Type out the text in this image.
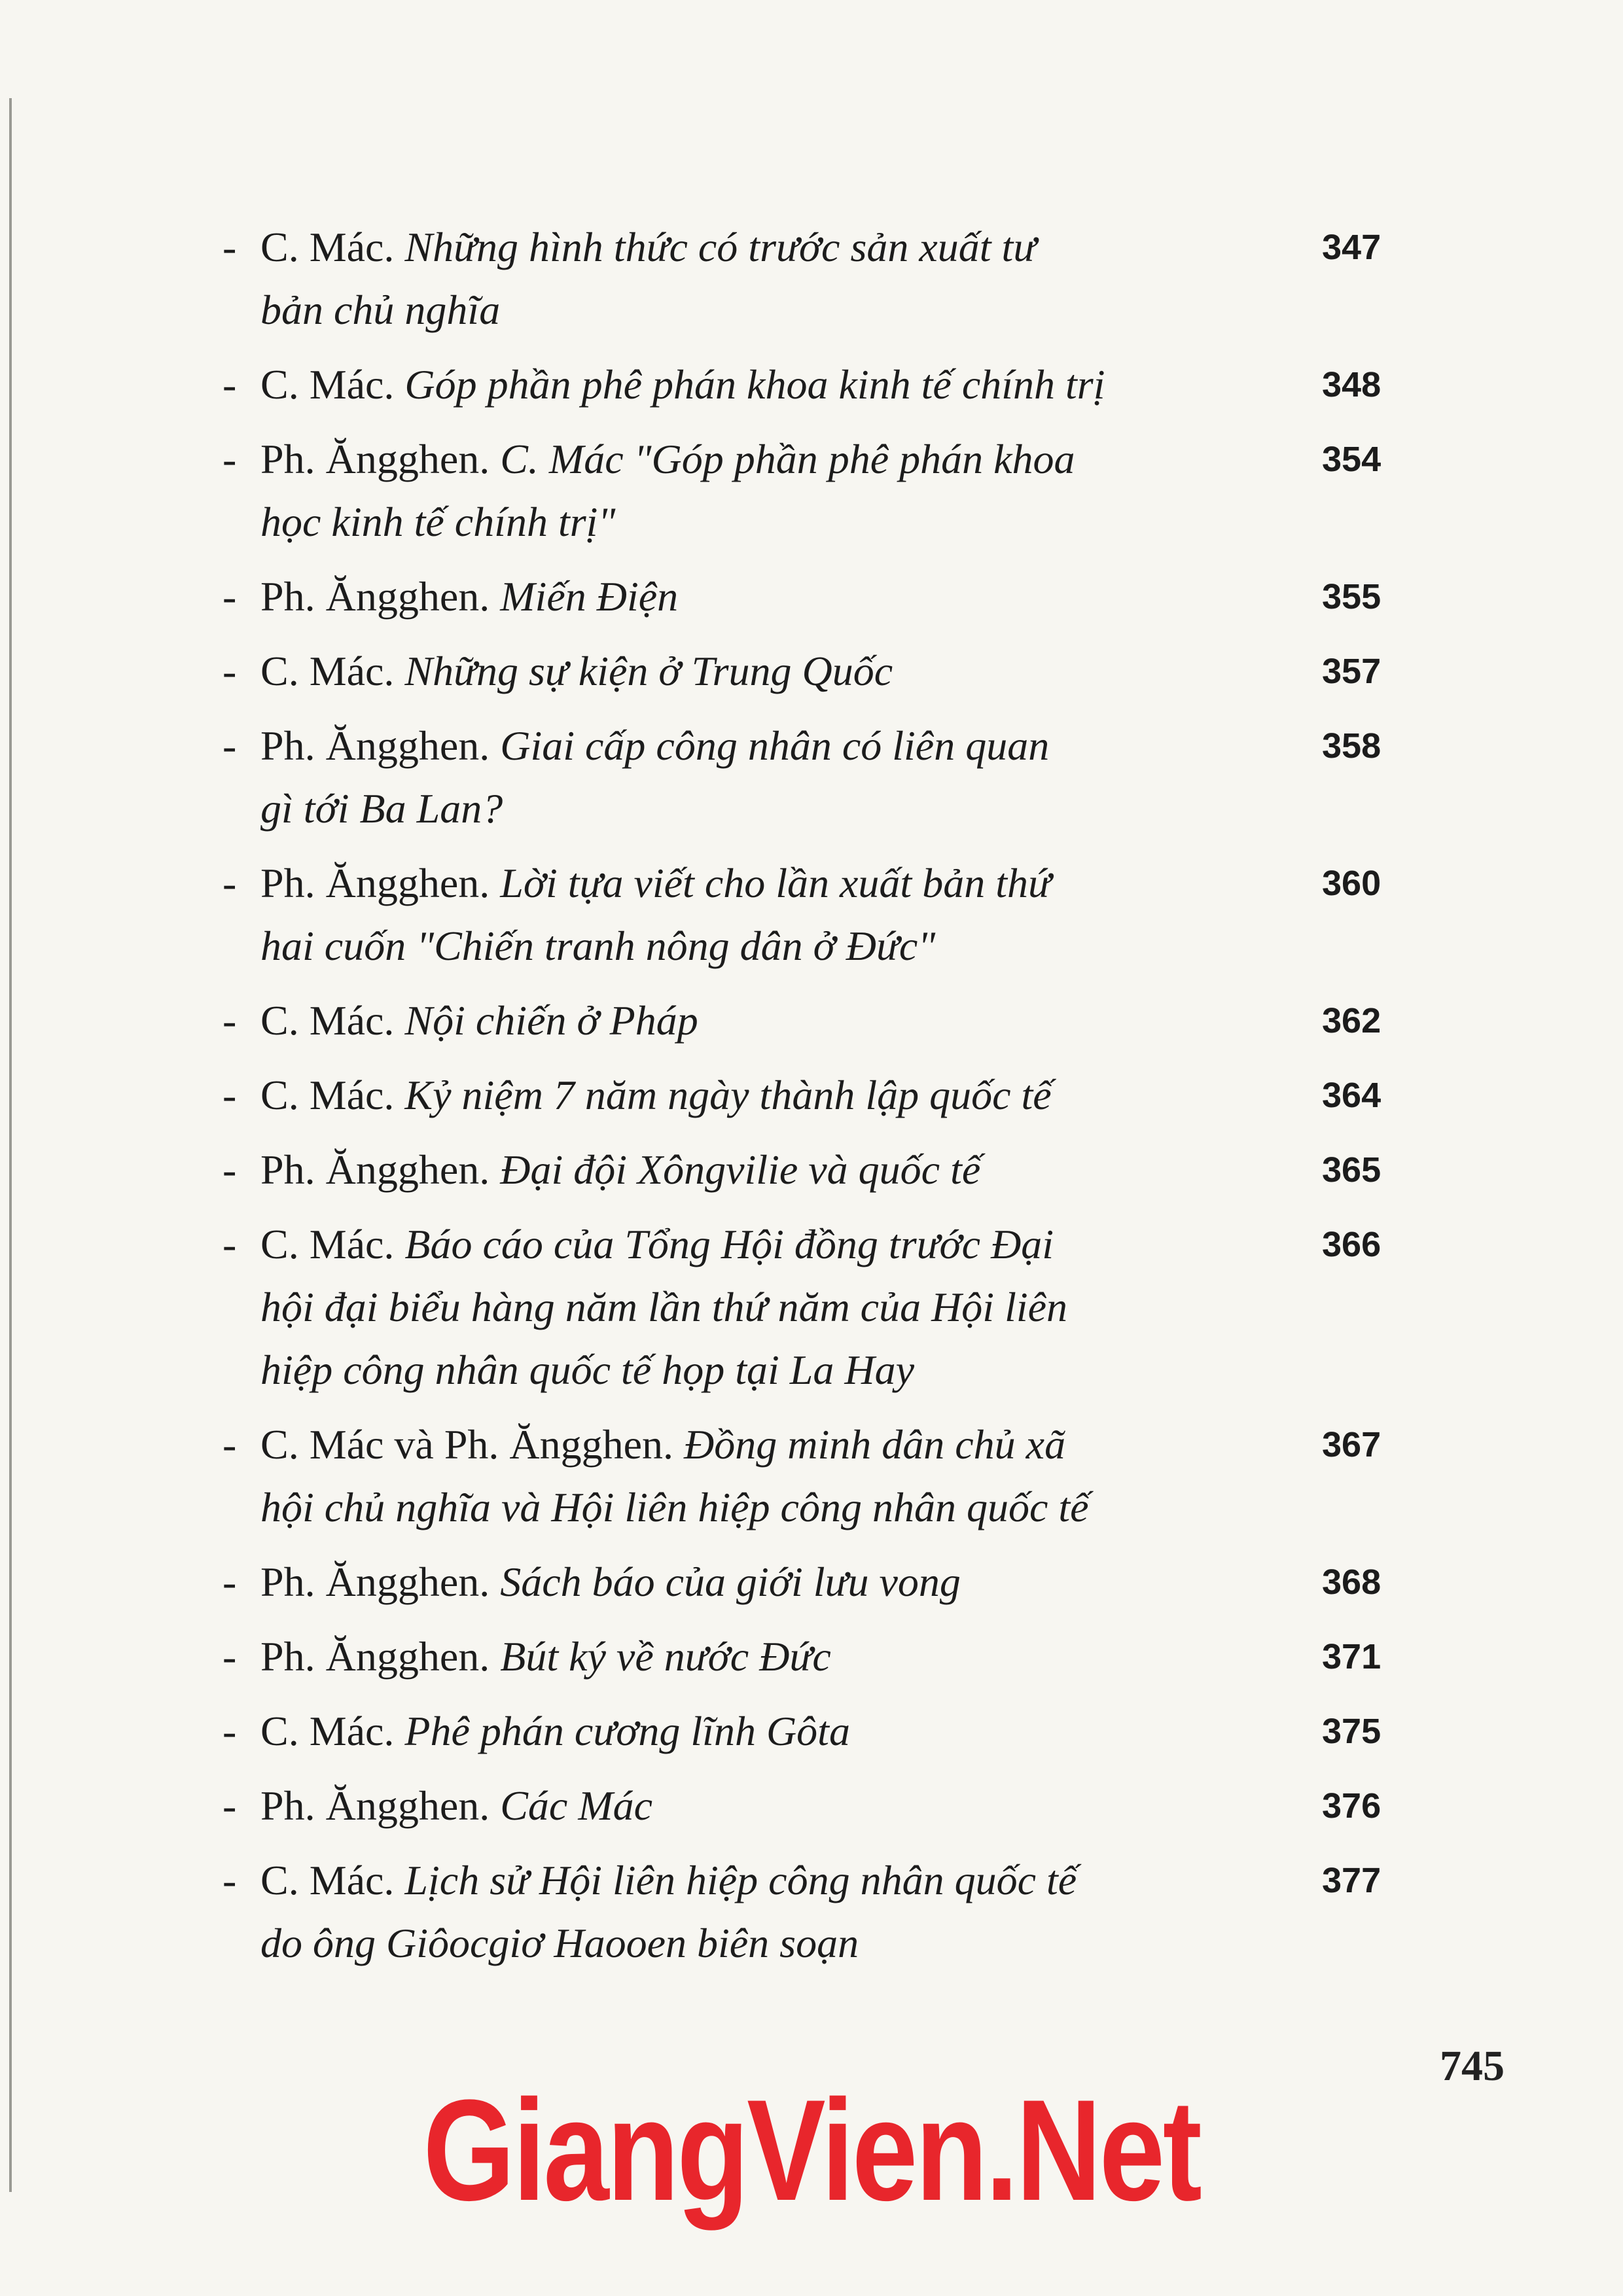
- C. Mác. Những hình thức có trước sản xuất tư	347
bản chủ nghĩa
- C. Mác. Góp phần phê phán khoa kinh tế chính trị	348
- Ph. Ăngghen. C. Mác "Góp phần phê phán khoa	354
học kinh tế chính trị"
- Ph. Ăngghen. Miến Điện	355
- C. Mác. Những sự kiện ở Trung Quốc	357
- Ph. Ăngghen. Giai cấp công nhân có liên quan	358
gì tới Ba Lan?
- Ph. Ăngghen. Lời tựa viết cho lần xuất bản thứ	360
hai cuốn "Chiến tranh nông dân ở Đức"
- C. Mác. Nội chiến ở Pháp	362
- C. Mác. Kỷ niệm 7 năm ngày thành lập quốc tế	364
- Ph. Ăngghen. Đại đội Xôngvilie và quốc tế	365
- C. Mác. Báo cáo của Tổng Hội đồng trước Đại	366
hội đại biểu hàng năm lần thứ năm của Hội liên
hiệp công nhân quốc tế họp tại La Hay
- C. Mác và Ph. Ăngghen. Đồng minh dân chủ xã	367
hội chủ nghĩa và Hội liên hiệp công nhân quốc tế
- Ph. Ăngghen. Sách báo của giới lưu vong	368
- Ph. Ăngghen. Bút ký về nước Đức	371
- C. Mác. Phê phán cương lĩnh Gôta	375
- Ph. Ăngghen. Các Mác	376
- C. Mác. Lịch sử Hội liên hiệp công nhân quốc tế	377
do ông Giôocgiơ Haooen biên soạn
745
GiangVien.Net
